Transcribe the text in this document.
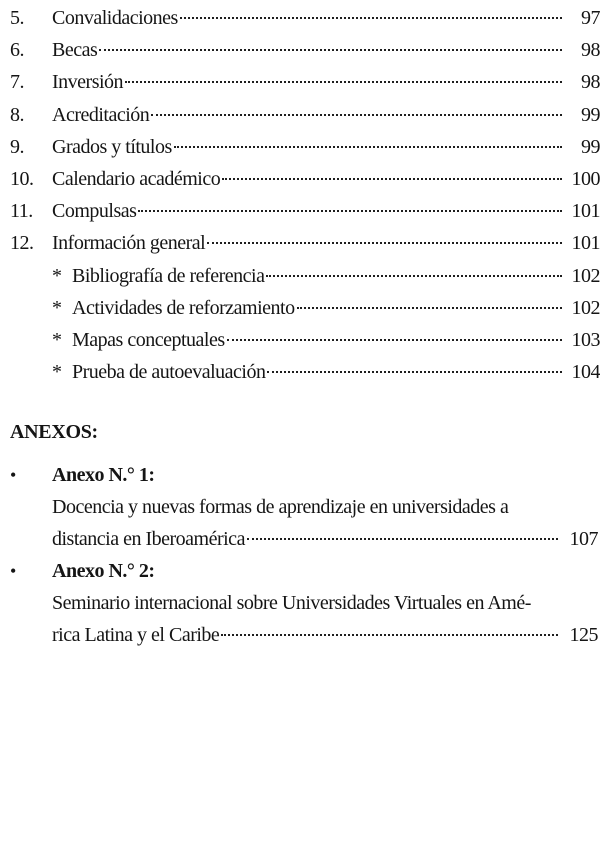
5.	Convalidaciones	97
6.	Becas	98
7.	Inversión	98
8.	Acreditación	99
9.	Grados y títulos	99
10. Calendario académico	100
11. Compulsas	101
12. Información general	101
* Bibliografía de referencia	102
* Actividades de reforzamiento	102
* Mapas conceptuales	103
* Prueba de autoevaluación	104
ANEXOS:
•	Anexo N.° 1:
Docencia y nuevas formas de aprendizaje en universidades a
distancia en Iberoamérica	107
•	Anexo N.° 2:
Seminario internacional sobre Universidades Virtuales en Amé-
rica Latina y el Caribe	125
